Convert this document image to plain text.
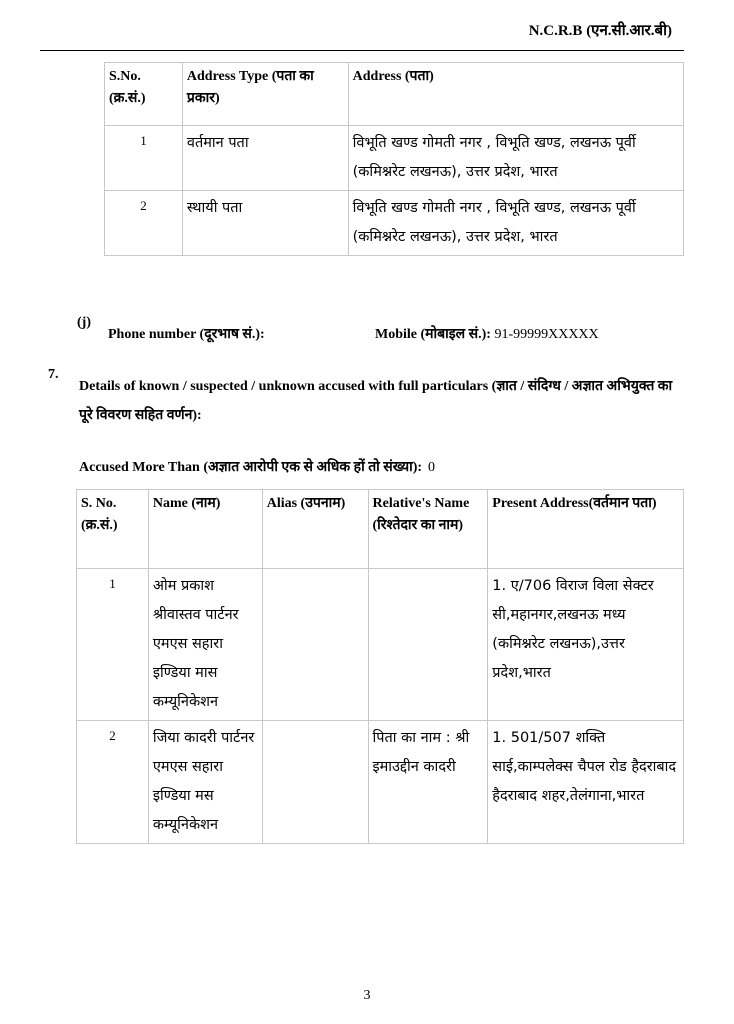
N.C.R.B (एन.सी.आर.बी)
S.No. (क्र.सं.)	Address Type (पता का प्रकार)	Address (पता)
1	वर्तमान पता	विभूति खण्ड गोमती नगर , विभूति खण्ड, लखनऊ पूर्वी (कमिश्नरेट लखनऊ), उत्तर प्रदेश, भारत
2	स्थायी पता	विभूति खण्ड गोमती नगर , विभूति खण्ड, लखनऊ पूर्वी (कमिश्नरेट लखनऊ), उत्तर प्रदेश, भारत
(j)
Phone number (दूरभाष सं.):	Mobile (मोबाइल सं.): 91-99999XXXXX
7.
Details of known / suspected / unknown accused with full particulars (ज्ञात / संदिग्ध / अज्ञात अभियुक्त का पूरे विवरण सहित वर्णन):
Accused More Than (अज्ञात आरोपी एक से अधिक हों तो संख्या): 0
S. No. (क्र.सं.)	Name (नाम)	Alias (उपनाम)	Relative's Name (रिश्तेदार का नाम)	Present Address(वर्तमान पता)
1	ओम प्रकाश श्रीवास्तव पार्टनर एमएस सहारा इण्डिया मास कम्यूनिकेशन			1. ए/706 विराज विला सेक्टर सी,महानगर,लखनऊ मध्य (कमिश्नरेट लखनऊ),उत्तर प्रदेश,भारत
2	जिया कादरी पार्टनर एमएस सहारा इण्डिया मस कम्यूनिकेशन		पिता का नाम : श्री इमाउद्दीन कादरी	1. 501/507 शक्ति साई,काम्पलेक्स चैपल रोड हैदराबाद हैदराबाद शहर,तेलंगाना,भारत
3
